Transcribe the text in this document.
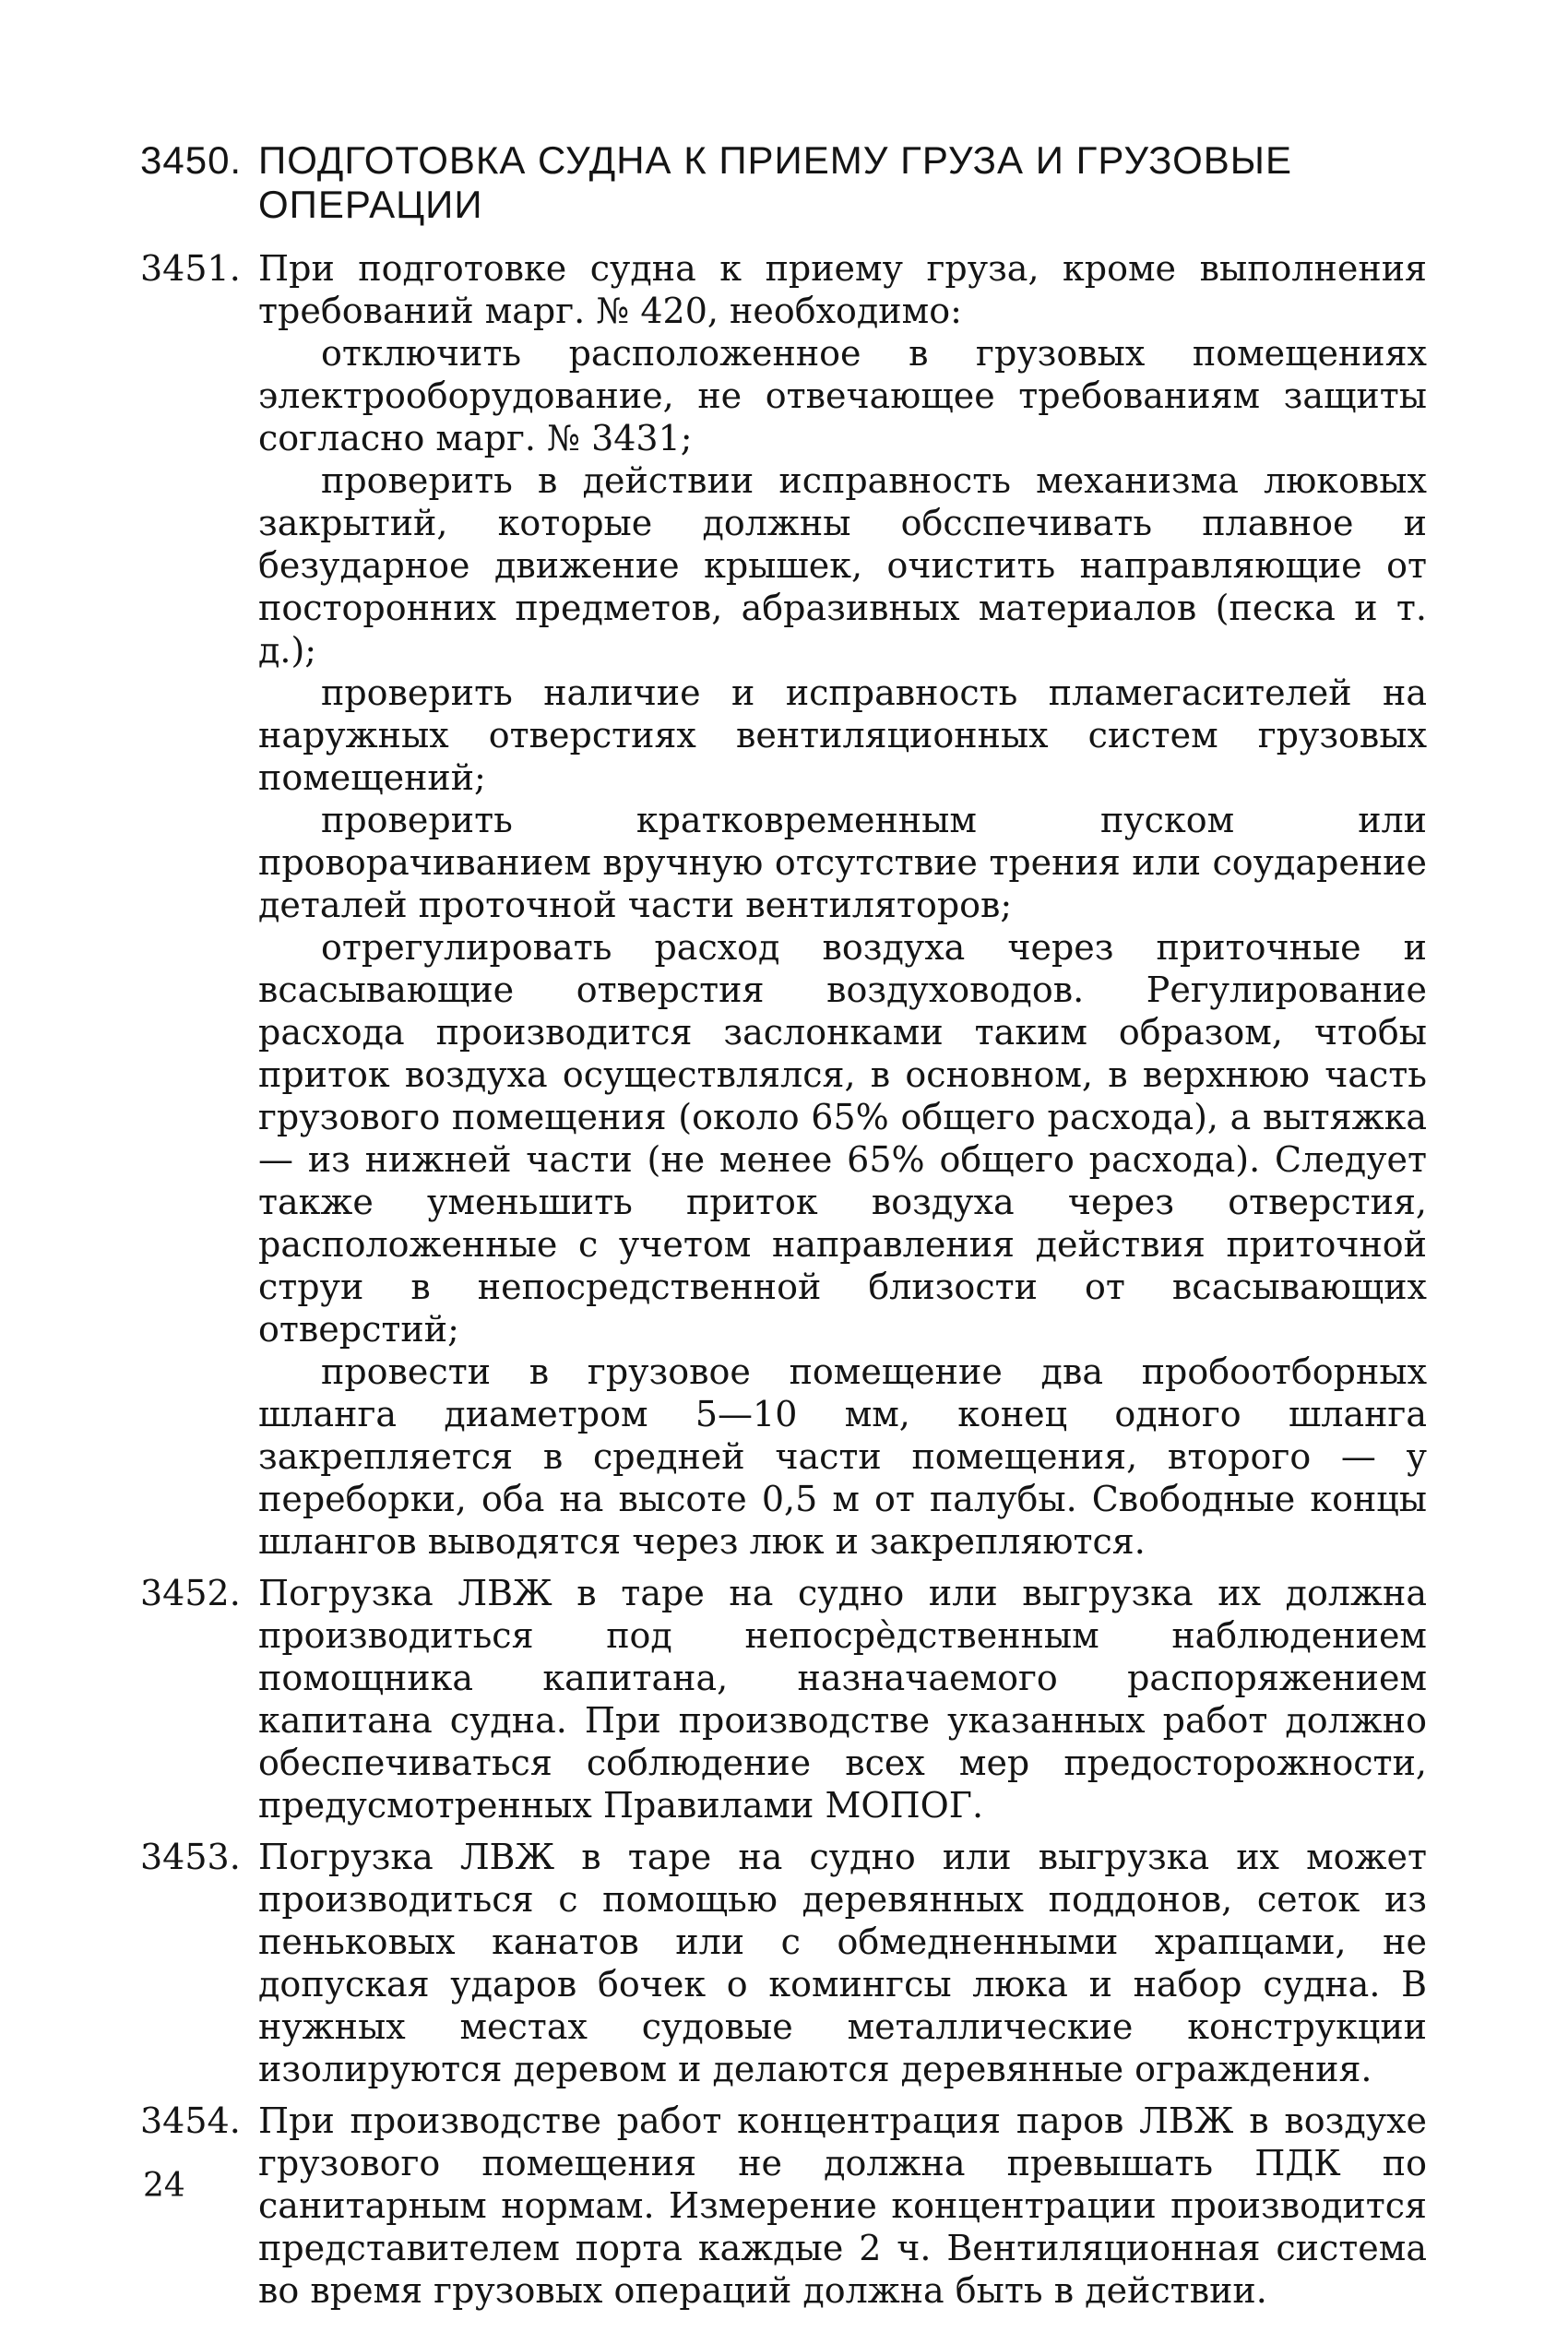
3450. ПОДГОТОВКА СУДНА К ПРИЕМУ ГРУЗА И ГРУЗОВЫЕ ОПЕРАЦИИ
3451. При подготовке судна к приему груза, кроме выполнения требований марг. № 420, необходимо:

отключить расположенное в грузовых помещениях электрооборудование, не отвечающее требованиям защиты согласно марг. № 3431;

проверить в действии исправность механизма люковых закрытий, которые должны обсспечивать плавное и безударное движение крышек, очистить направляющие от посторонних предметов, абразивных материалов (песка и т. д.);

проверить наличие и исправность пламегасителей на наружных отверстиях вентиляционных систем грузовых помещений;

проверить кратковременным пуском или проворачиванием вручную отсутствие трения или соударение деталей проточной части вентиляторов;

отрегулировать расход воздуха через приточные и всасывающие отверстия воздуховодов. Регулирование расхода производится заслонками таким образом, чтобы приток воздуха осуществлялся, в основном, в верхнюю часть грузового помещения (около 65% общего расхода), а вытяжка — из нижней части (не менее 65% общего расхода). Следует также уменьшить приток воздуха через отверстия, расположенные с учетом направления действия приточной струи в непосредственной близости от всасывающих отверстий;

провести в грузовое помещение два пробоотборных шланга диаметром 5—10 мм, конец одного шланга закрепляется в средней части помещения, второго — у переборки, оба на высоте 0,5 м от палубы. Свободные концы шлангов выводятся через люк и закрепляются.

3452. Погрузка ЛВЖ в таре на судно или выгрузка их должна производиться под непосрѐдственным наблюдением помощника капитана, назначаемого распоряжением капитана судна. При производстве указанных работ должно обеспечиваться соблюдение всех мер предосторожности, предусмотренных Правилами МОПОГ.
3453. Погрузка ЛВЖ в таре на судно или выгрузка их может производиться с помощью деревянных поддонов, сеток из пеньковых канатов или с обмедненными храпцами, не допуская ударов бочек о комингсы люка и набор судна. В нужных местах судовые металлические конструкции изолируются деревом и делаются деревянные ограждения.
3454. При производстве работ концентрация паров ЛВЖ в воздухе грузового помещения не должна превышать ПДК по санитарным нормам. Измерение концентрации производится представителем порта каждые 2 ч. Вентиляционная система во время грузовых операций должна быть в действии.
24
